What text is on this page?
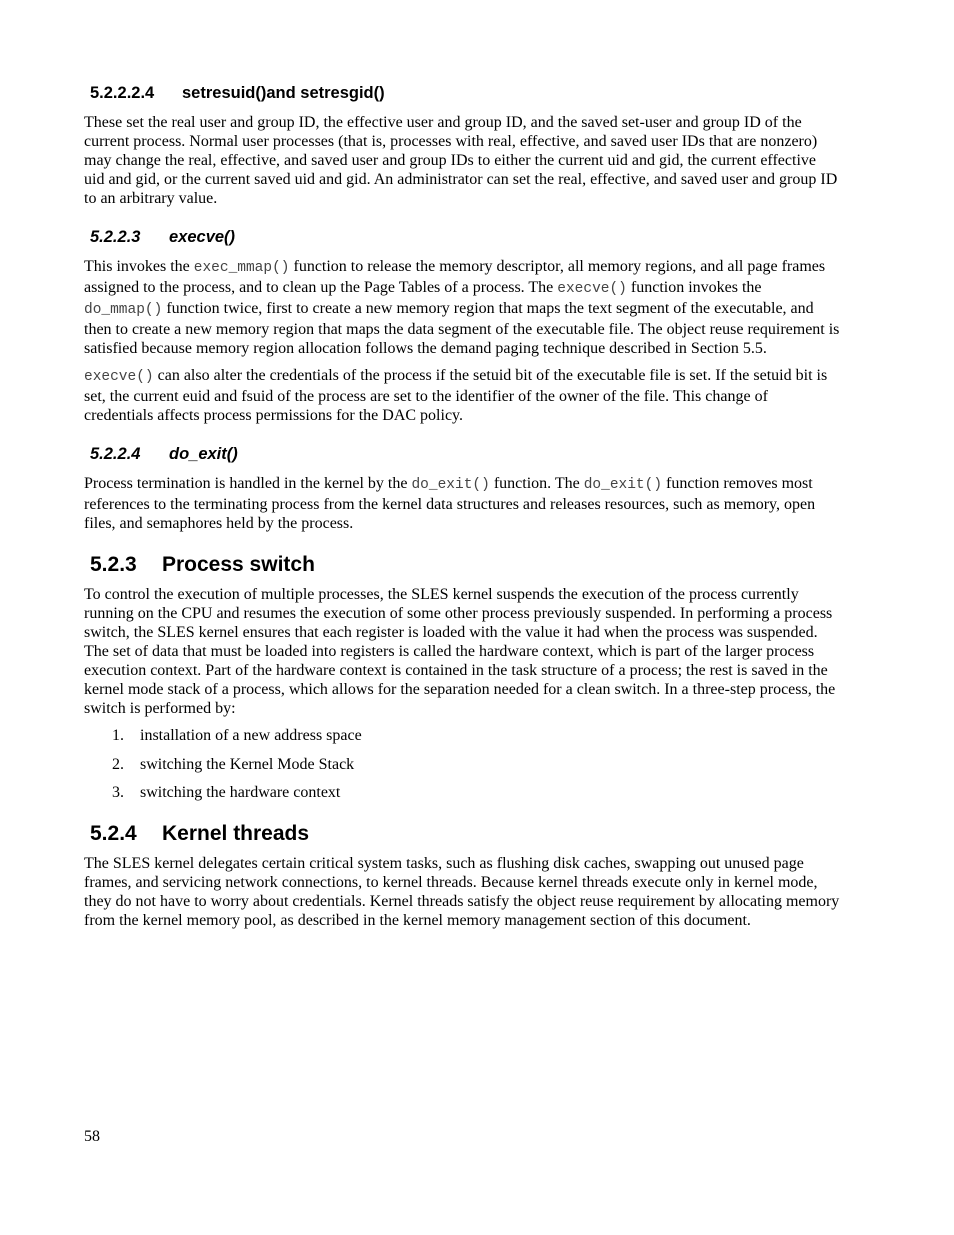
5.2.2.2.4 setresuid()and setresgid()

These set the real user and group ID, the effective user and group ID, and the saved set-user and group ID of the current process. Normal user processes (that is, processes with real, effective, and saved user IDs that are nonzero) may change the real, effective, and saved user and group IDs to either the current uid and gid, the current effective uid and gid, or the current saved uid and gid. An administrator can set the real, effective, and saved user and group ID to an arbitrary value.

5.2.2.3 execve()

This invokes the exec_mmap() function to release the memory descriptor, all memory regions, and all page frames assigned to the process, and to clean up the Page Tables of a process. The execve() function invokes the do_mmap() function twice, first to create a new memory region that maps the text segment of the executable, and then to create a new memory region that maps the data segment of the executable file. The object reuse requirement is satisfied because memory region allocation follows the demand paging technique described in Section 5.5.

execve() can also alter the credentials of the process if the setuid bit of the executable file is set. If the setuid bit is set, the current euid and fsuid of the process are set to the identifier of the owner of the file. This change of credentials affects process permissions for the DAC policy.

5.2.2.4 do_exit()

Process termination is handled in the kernel by the do_exit() function. The do_exit() function removes most references to the terminating process from the kernel data structures and releases resources, such as memory, open files, and semaphores held by the process.

5.2.3 Process switch

To control the execution of multiple processes, the SLES kernel suspends the execution of the process currently running on the CPU and resumes the execution of some other process previously suspended. In performing a process switch, the SLES kernel ensures that each register is loaded with the value it had when the process was suspended. The set of data that must be loaded into registers is called the hardware context, which is part of the larger process execution context. Part of the hardware context is contained in the task structure of a process; the rest is saved in the kernel mode stack of a process, which allows for the separation needed for a clean switch. In a three-step process, the switch is performed by:

1. installation of a new address space
2. switching the Kernel Mode Stack
3. switching the hardware context
5.2.4 Kernel threads

The SLES kernel delegates certain critical system tasks, such as flushing disk caches, swapping out unused page frames, and servicing network connections, to kernel threads. Because kernel threads execute only in kernel mode, they do not have to worry about credentials. Kernel threads satisfy the object reuse requirement by allocating memory from the kernel memory pool, as described in the kernel memory management section of this document.

58
